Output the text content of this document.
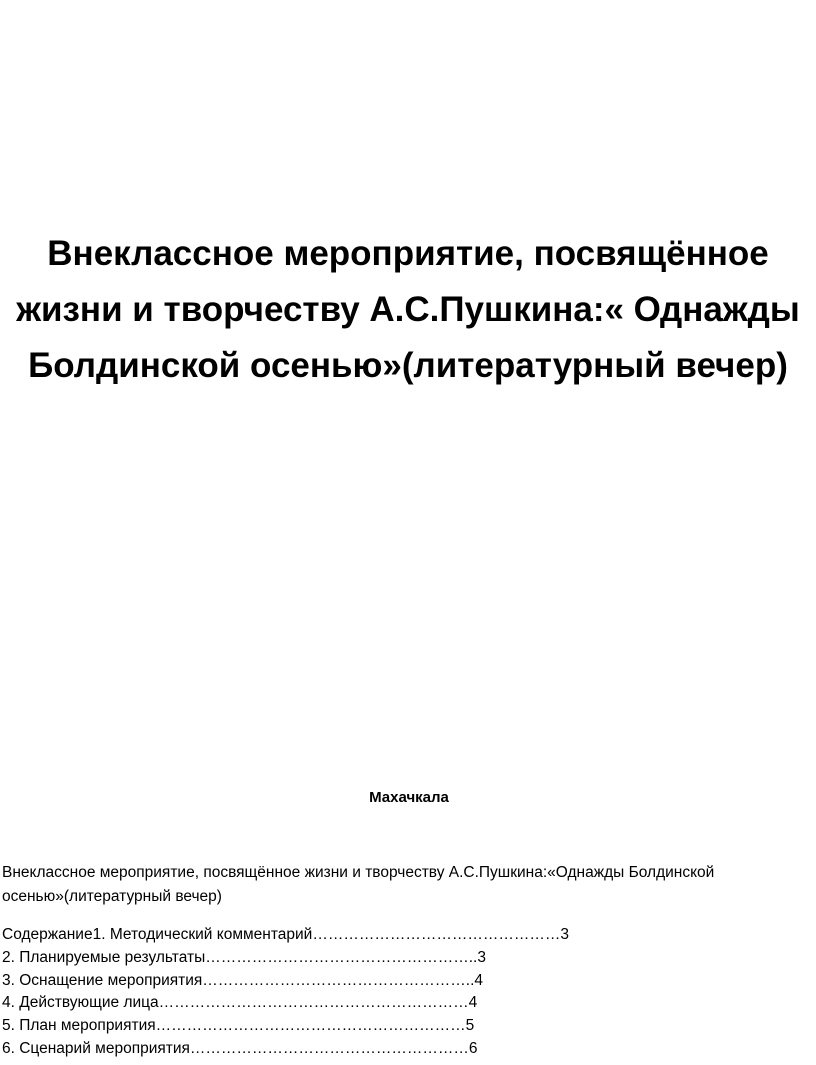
Внеклассное мероприятие, посвящённое
жизни и творчеству А.С.Пушкина:« Однажды
Болдинской осенью»(литературный вечер)
Махачкала

Внеклассное мероприятие, посвящённое жизни и творчеству А.С.Пушкина:«Однажды Болдинской
осенью»(литературный вечер)

Содержание1. Методический комментарий…………………………………………3
2. Планируемые результаты……………………………………………..3
3. Оснащение мероприятия……………………………………………..4
4. Действующие лица……………………………………………………4
5. План мероприятия……………………………………………………5
6. Сценарий мероприятия………………………………………………6
